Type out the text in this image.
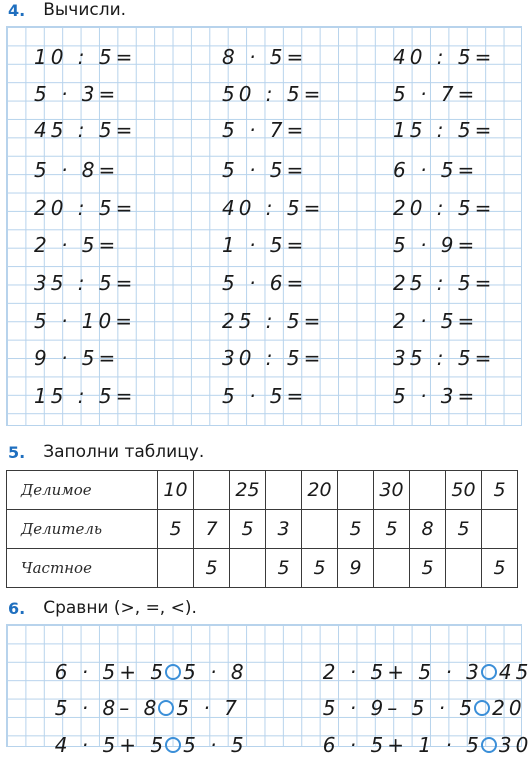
4. Вычисли.
10 : 5=
5 · 3=
45 : 5=
5 · 8=
20 : 5=
2 · 5=
35 : 5=
5 · 10=
9 · 5=
15 : 5=
8 · 5=
50 : 5=
5 · 7=
5 · 5=
40 : 5=
1 · 5=
5 · 6=
25 : 5=
30 : 5=
5 · 5=
40 : 5=
5 · 7=
15 : 5=
6 · 5=
20 : 5=
5 · 9=
25 : 5=
2 · 5=
35 : 5=
5 · 3=
5. Заполни таблицу.
Делимое	10		25		20		30		50	5
Делитель	5	7	5	3		5	5	8	5	
Частное		5		5	5	9		5		5
6. Сравни (>, =, <).

6 · 5+ 5 5 · 8

5 · 8– 8 5 · 7

4 · 5+ 5 5 · 5

2 · 5+ 5 · 3 45

5 · 9– 5 · 5 20

6 · 5+ 1 · 5 30
